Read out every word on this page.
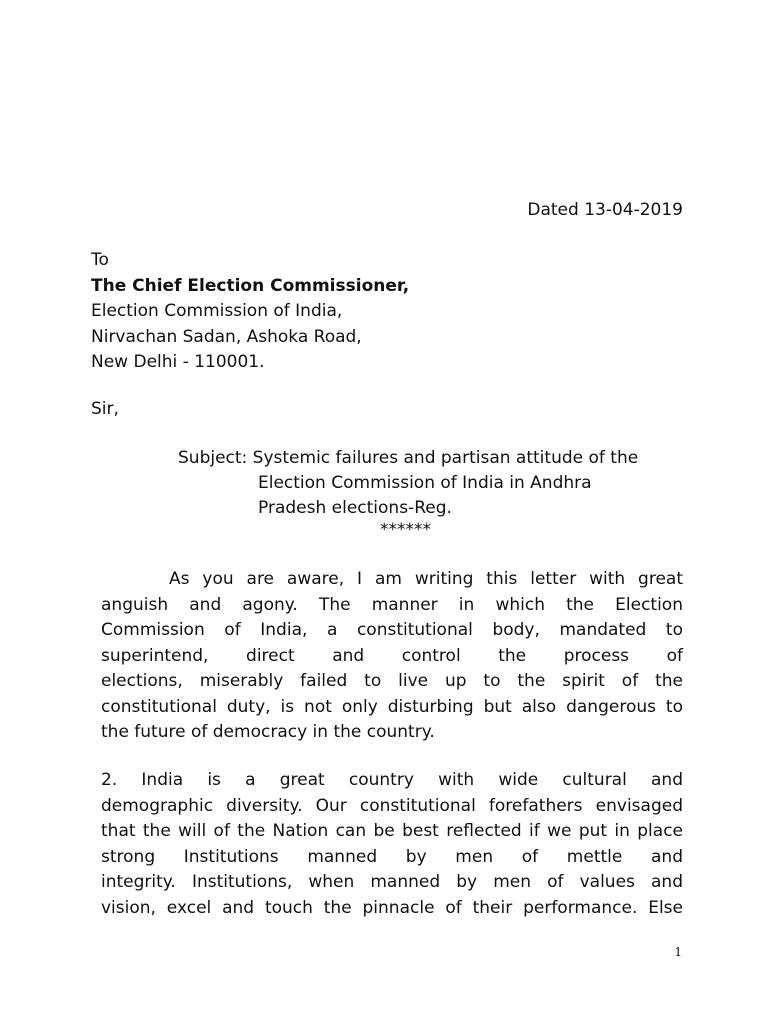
Dated 13-04-2019
To
The Chief Election Commissioner,
Election Commission of India,
Nirvachan Sadan, Ashoka Road,
New Delhi - 110001.
Sir,
Subject: Systemic failures and partisan attitude of the
Election Commission of India in Andhra
Pradesh elections-Reg.
******
As you are aware, I am writing this letter with great
anguish and agony. The manner in which the Election
Commission of India, a constitutional body, mandated to
superintend, direct and control the process of
elections, miserably failed to live up to the spirit of the
constitutional duty, is not only disturbing but also dangerous to
the future of democracy in the country.
2. India is a great country with wide cultural and
demographic diversity. Our constitutional forefathers envisaged
that the will of the Nation can be best reflected if we put in place
strong Institutions manned by men of mettle and
integrity. Institutions, when manned by men of values and
vision, excel and touch the pinnacle of their performance. Else
1
